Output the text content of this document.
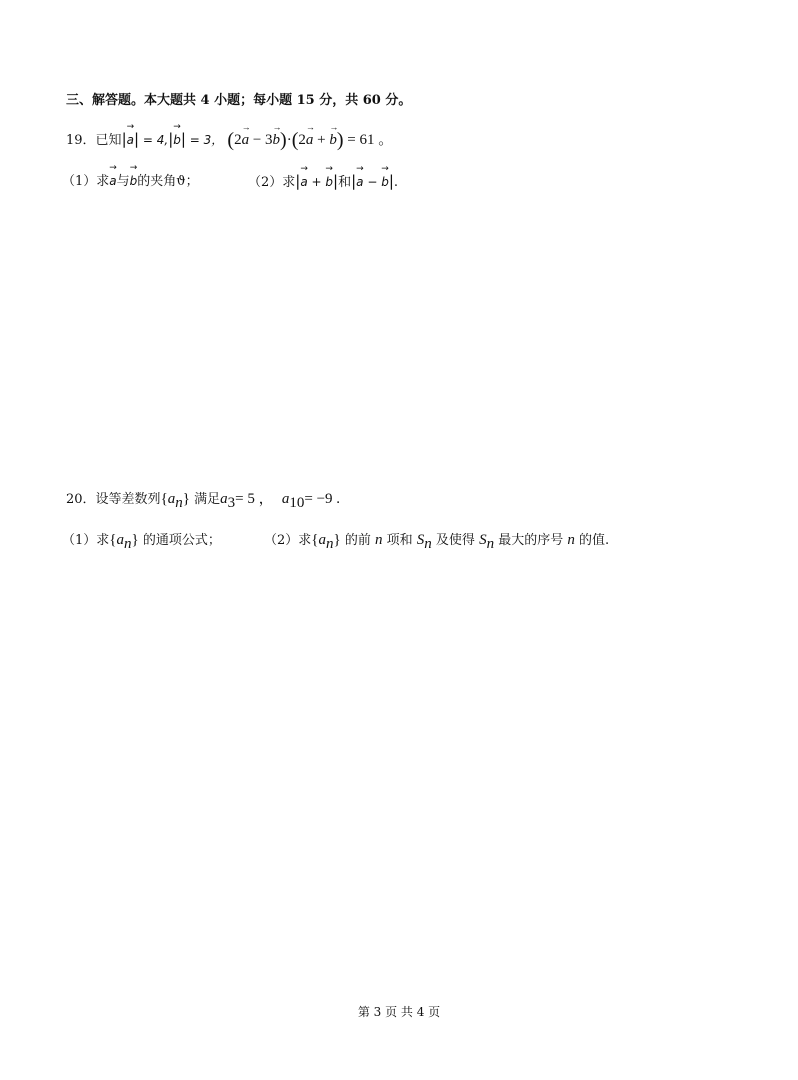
三、解答题。本大题共 4 小题；每小题 15 分，共 60 分。
19．已知|→ a| = 4,|→ b| = 3， (2→ a − 3→ b)·(2→ a + → b) = 61 。
（1）求→ a与→ b的夹角ϑ；	（2）求|→ a + → b|和|→ a − → b|.
20．设等差数列$\{a_n\}$ 满足$a_3= 5$ ， $a_{10}= -9$ .
（1）求$\{a_n\}$ 的通项公式；	（2）求$\{a_n\}$ 的前 n 项和 $S_n$ 及使得 $S_n$ 最大的序号 n 的值.
第 3 页 共 4 页
